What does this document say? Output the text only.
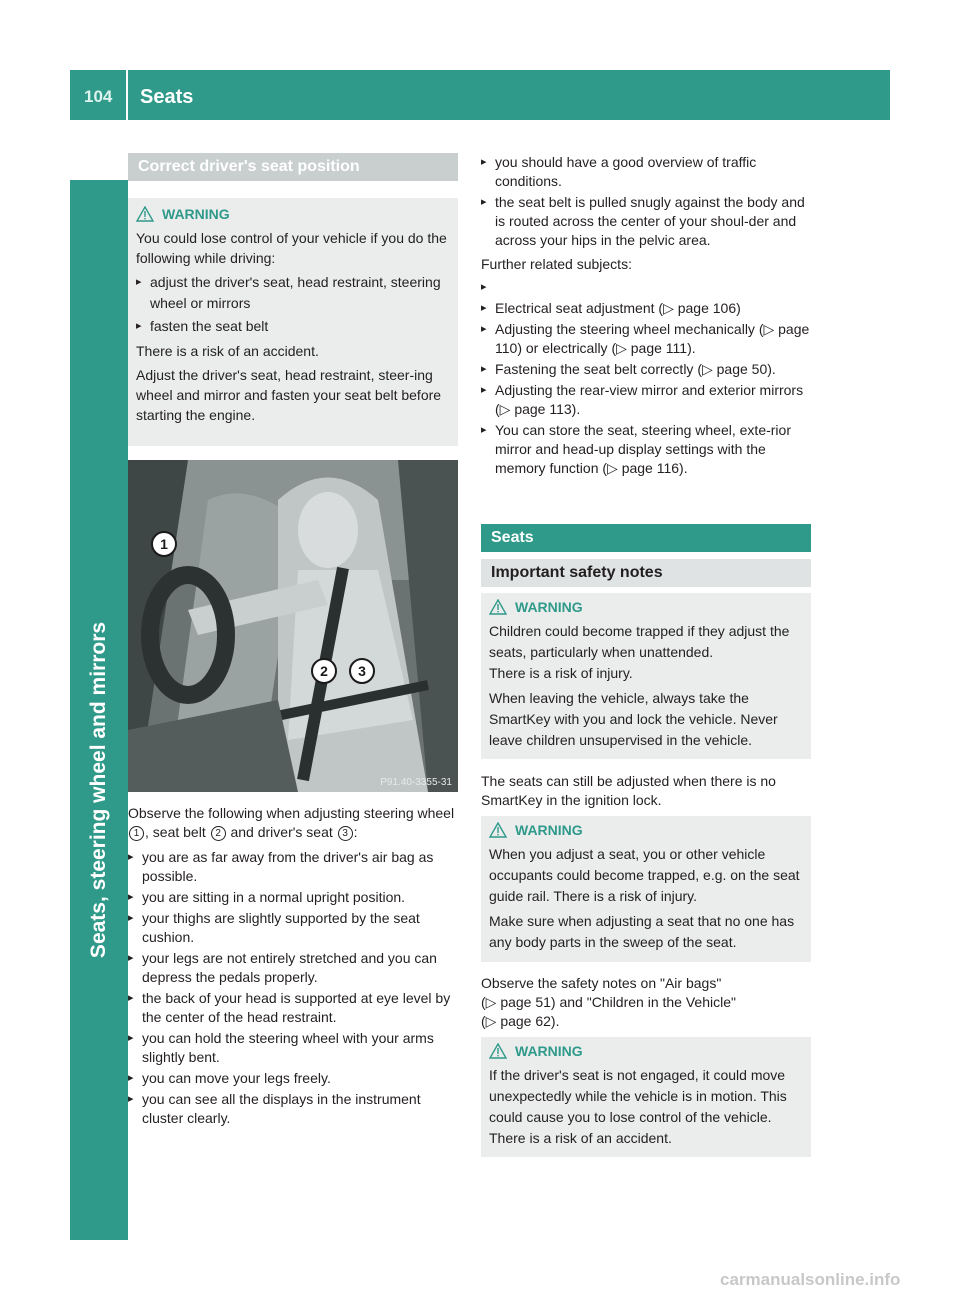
104 Seats
Seats, steering wheel and mirrors
Correct driver's seat position
WARNING

You could lose control of your vehicle if you do the following while driving:

▸ adjust the driver's seat, head restraint, steering wheel or mirrors
▸ fasten the seat belt

There is a risk of an accident.

Adjust the driver's seat, head restraint, steer-ing wheel and mirror and fasten your seat belt before starting the engine.

1
2	3
P91.40-3355-31

Observe the following when adjusting steering wheel 1 , seat belt 2 and driver's seat 3 :

▸ you are as far away from the driver's air bag as possible.
▸ you are sitting in a normal upright position.
▸ your thighs are slightly supported by the seat cushion.
▸ your legs are not entirely stretched and you can depress the pedals properly.
▸ the back of your head is supported at eye level by the center of the head restraint.
▸ you can hold the steering wheel with your arms slightly bent.
▸ you can move your legs freely.
▸ you can see all the displays in the instrument cluster clearly.
▸ you should have a good overview of traffic conditions.
▸ the seat belt is pulled snugly against the body and is routed across the center of your shoul-der and across your hips in the pelvic area.

Further related subjects:

▸
▸ Electrical seat adjustment (▷ page 106)
▸ Adjusting the steering wheel mechanically (▷ page 110) or electrically (▷ page 111).
▸ Fastening the seat belt correctly (▷ page 50).
▸ Adjusting the rear-view mirror and exterior mirrors (▷ page 113).
▸ You can store the seat, steering wheel, exte-rior mirror and head-up display settings with the memory function (▷ page 116).
Seats
Important safety notes
WARNING

Children could become trapped if they adjust the seats, particularly when unattended.

There is a risk of injury.

When leaving the vehicle, always take the SmartKey with you and lock the vehicle. Never leave children unsupervised in the vehicle.

The seats can still be adjusted when there is no SmartKey in the ignition lock.

WARNING

When you adjust a seat, you or other vehicle occupants could become trapped, e.g. on the seat guide rail. There is a risk of injury.

Make sure when adjusting a seat that no one has any body parts in the sweep of the seat.

Observe the safety notes on "Air bags"

(▷ page 51) and "Children in the Vehicle"

(▷ page 62).

WARNING

If the driver's seat is not engaged, it could move unexpectedly while the vehicle is in motion. This could cause you to lose control of the vehicle. There is a risk of an accident.

carmanualsonline.info
